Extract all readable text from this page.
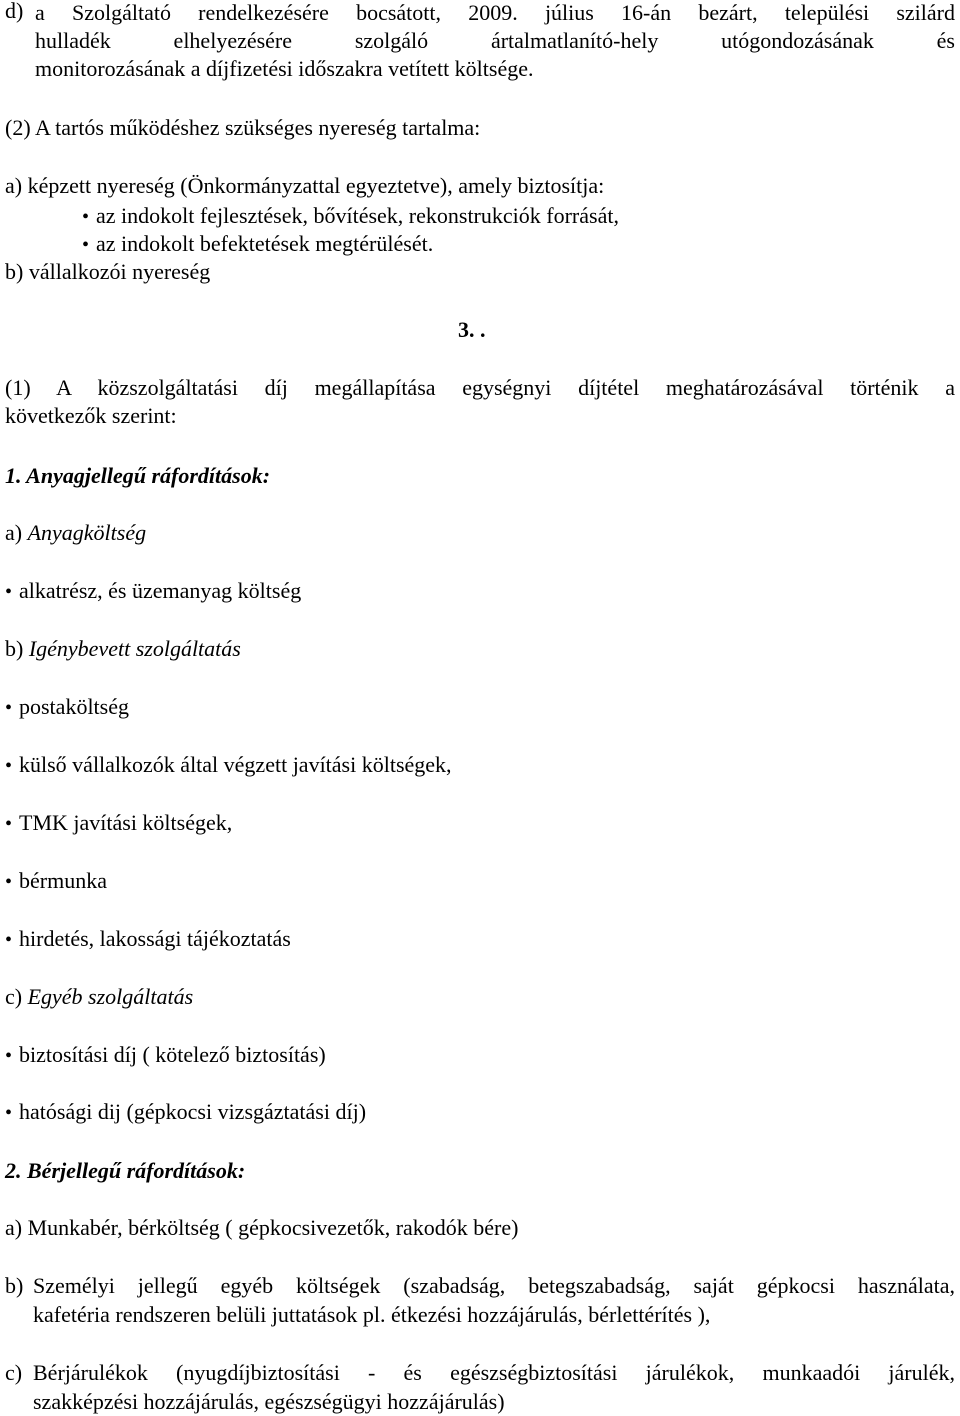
d) a Szolgáltató rendelkezésére bocsátott, 2009. július 16-án bezárt, települési szilárd
hulladék elhelyezésére szolgáló ártalmatlanító-hely utógondozásának és
monitorozásának a díjfizetési időszakra vetített költsége.
(2) A tartós működéshez szükséges nyereség tartalma:
a) képzett nyereség (Önkormányzattal egyeztetve), amely biztosítja:
• az indokolt fejlesztések, bővítések, rekonstrukciók forrását,
• az indokolt befektetések megtérülését.
b) vállalkozói nyereség
3. .
(1) A közszolgáltatási díj megállapítása egységnyi díjtétel meghatározásával történik a
következők szerint:
1. Anyagjellegű ráfordítások:
a) Anyagköltség
• alkatrész, és üzemanyag költség
b) Igénybevett szolgáltatás
• postaköltség
• külső vállalkozók által végzett javítási költségek,
• TMK javítási költségek,
• bérmunka
• hirdetés, lakossági tájékoztatás
c) Egyéb szolgáltatás
• biztosítási díj ( kötelező biztosítás)
• hatósági dij (gépkocsi vizsgáztatási díj)
2. Bérjellegű ráfordítások:
a) Munkabér, bérköltség ( gépkocsivezetők, rakodók bére)
b) Személyi jellegű egyéb költségek (szabadság, betegszabadság, saját gépkocsi használata,
kafetéria rendszeren belüli juttatások pl. étkezési hozzájárulás, bérlettérítés ),
c) Bérjárulékok (nyugdíjbiztosítási - és egészségbiztosítási járulékok, munkaadói járulék,
szakképzési hozzájárulás, egészségügyi hozzájárulás)
